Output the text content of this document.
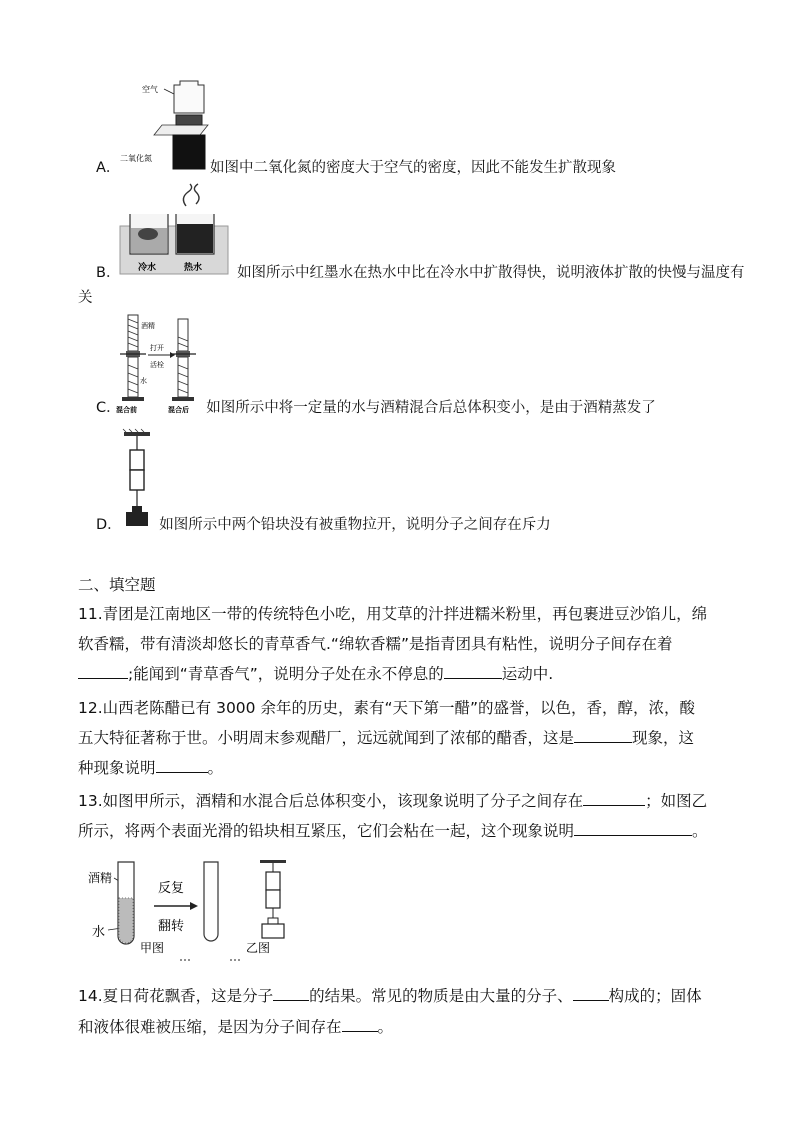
空气
二氧化氮
A．	如图中二氧化氮的密度大于空气的密度，因此不能发生扩散现象
冷水	热水
B．	如图所示中红墨水在热水中比在冷水中扩散得快，说明液体扩散的快慢与温度有
关
酒精
水
打开
活栓
混合前	混合后
C．	如图所示中将一定量的水与酒精混合后总体积变小，是由于酒精蒸发了
D．	如图所示中两个铅块没有被重物拉开，说明分子之间存在斥力
二、填空题
11.青团是江南地区一带的传统特色小吃，用艾草的汁拌进糯米粉里，再包裹进豆沙馅儿，绵
软香糯，带有清淡却悠长的青草香气.“绵软香糯”是指青团具有粘性，说明分子间存在着
;能闻到“青草香气”，说明分子处在永不停息的	运动中.
12.山西老陈醋已有 3000 余年的历史，素有“天下第一醋”的盛誉，以色，香，醇，浓，酸
五大特征著称于世。小明周末参观醋厂，远远就闻到了浓郁的醋香，这是	现象，这
种现象说明	。
13.如图甲所示，酒精和水混合后总体积变小，该现象说明了分子之间存在	；如图乙
所示，将两个表面光滑的铅块相互紧压，它们会粘在一起，这个现象说明	。
酒精
水
反复
翻转
甲图	乙图
14.夏日荷花飘香，这是分子 的结果。常见的物质是由大量的分子、 构成的；固体
和液体很难被压缩，是因为分子间存在 。
